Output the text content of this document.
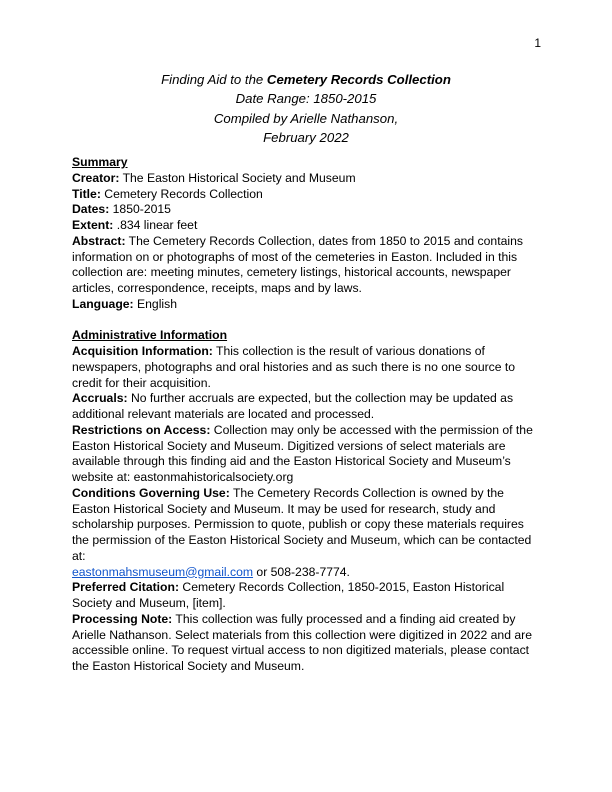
1
Finding Aid to the Cemetery Records Collection
Date Range: 1850-2015
Compiled by Arielle Nathanson,
February 2022
Summary
Creator: The Easton Historical Society and Museum
Title: Cemetery Records Collection
Dates: 1850-2015
Extent: .834 linear feet
Abstract: The Cemetery Records Collection, dates from 1850 to 2015 and contains information on or photographs of most of the cemeteries in Easton. Included in this collection are: meeting minutes, cemetery listings, historical accounts, newspaper articles, correspondence, receipts, maps and by laws.
Language: English
Administrative Information
Acquisition Information: This collection is the result of various donations of newspapers, photographs and oral histories and as such there is no one source to credit for their acquisition.
Accruals: No further accruals are expected, but the collection may be updated as additional relevant materials are located and processed.
Restrictions on Access: Collection may only be accessed with the permission of the Easton Historical Society and Museum. Digitized versions of select materials are available through this finding aid and the Easton Historical Society and Museum’s website at: eastonmahistoricalsociety.org
Conditions Governing Use: The Cemetery Records Collection is owned by the Easton Historical Society and Museum. It may be used for research, study and scholarship purposes. Permission to quote, publish or copy these materials requires the permission of the Easton Historical Society and Museum, which can be contacted at:
eastonmahsmuseum@gmail.com or 508-238-7774.
Preferred Citation: Cemetery Records Collection, 1850-2015, Easton Historical Society and Museum, [item].
Processing Note: This collection was fully processed and a finding aid created by Arielle Nathanson. Select materials from this collection were digitized in 2022 and are accessible online. To request virtual access to non digitized materials, please contact the Easton Historical Society and Museum.
